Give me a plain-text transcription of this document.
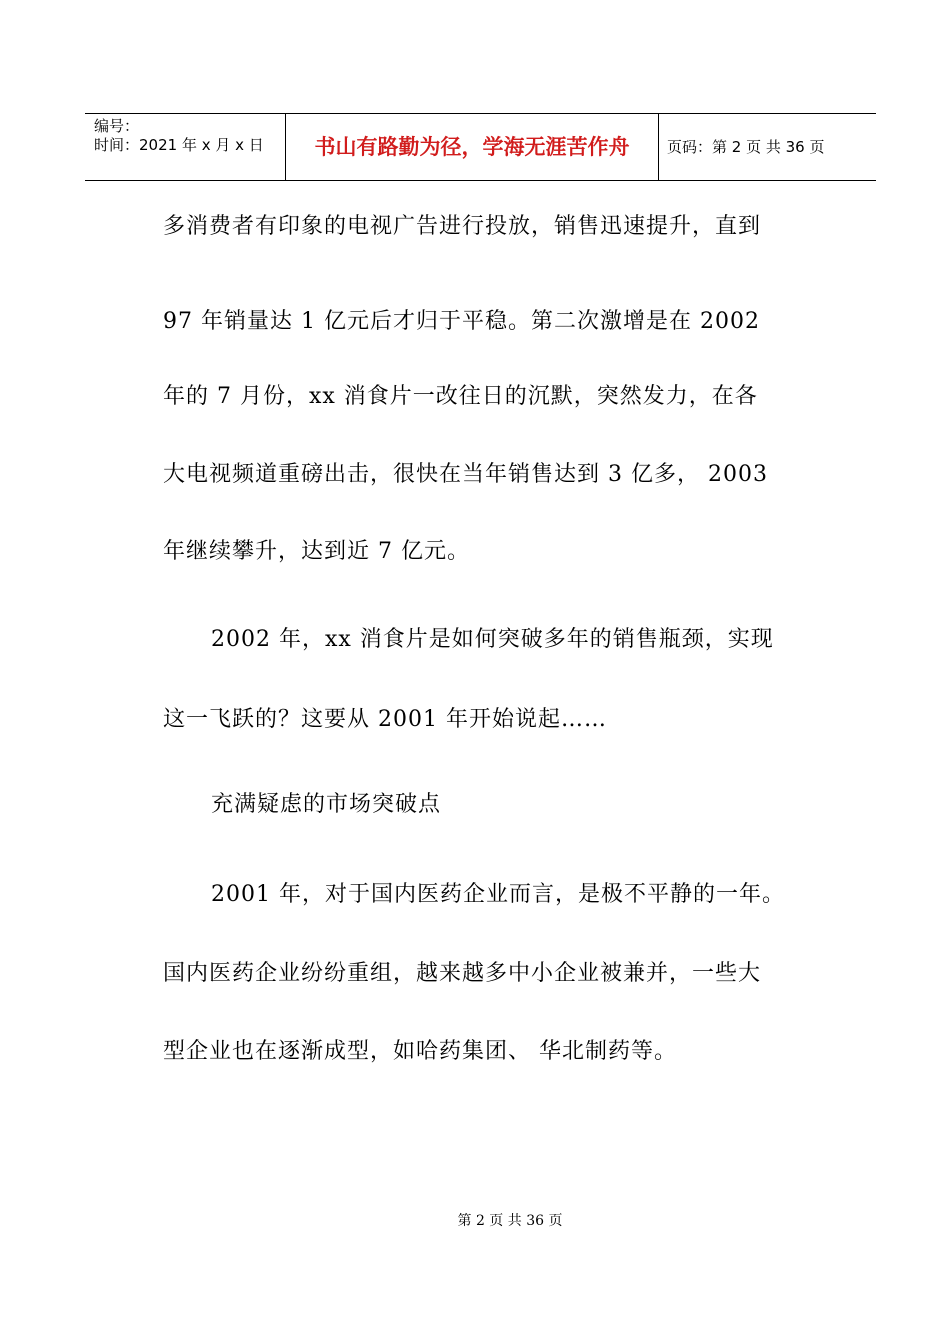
编号：
时间：2021 年 x 月 x 日	书山有路勤为径，学海无涯苦作舟	页码：第 2 页 共 36 页
多消费者有印象的电视广告进行投放，销售迅速提升，直到
97 年销量达 1 亿元后才归于平稳。第二次激增是在 2002
年的 7 月份，xx 消食片一改往日的沉默，突然发力，在各
大电视频道重磅出击，很快在当年销售达到 3 亿多， 2003
年继续攀升，达到近 7 亿元。
2002 年，xx 消食片是如何突破多年的销售瓶颈，实现
这一飞跃的？这要从 2001 年开始说起……
充满疑虑的市场突破点
2001 年，对于国内医药企业而言，是极不平静的一年。
国内医药企业纷纷重组，越来越多中小企业被兼并，一些大
型企业也在逐渐成型，如哈药集团、 华北制药等。
第 2 页 共 36 页
